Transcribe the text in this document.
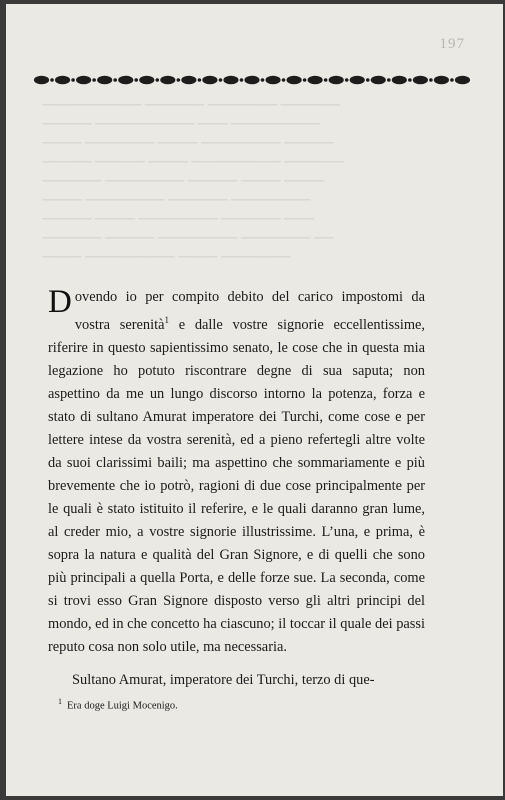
197
────────── ────── ─────── ──────
───── ────────── ─── ─────────
──── ─────── ──── ──────── ─────
───── ───── ──── ───────── ──────
────── ──────── ───── ──── ────
──── ──────── ────── ────────
───── ──── ──────── ────── ───
────── ───── ──────── ─────── ──
──── ───────── ──── ───────

Dovendo io per compito debito del carico impostomi da vostra serenità$^1$ e dalle vostre signorie eccellentissime, riferire in questo sapientissimo senato, le cose che in questa mia legazione ho potuto riscontrare degne di sua saputa; non aspettino da me un lungo discorso intorno la potenza, forza e stato di sultano Amurat imperatore dei Turchi, come cose e per lettere intese da vostra serenità, ed a pieno refertegli altre volte da suoi clarissimi baili; ma aspettino che sommariamente e più brevemente che io potrò, ragioni di due cose principalmente per le quali è stato istituito il referire, e le quali daranno gran lume, al creder mio, a vostre signorie illustrissime. L’una, e prima, è sopra la natura e qualità del Gran Signore, e di quelli che sono più principali a quella Porta, e delle forze sue. La seconda, come si trovi esso Gran Signore disposto verso gli altri principi del mondo, ed in che concetto ha ciascuno; il toccar il quale dei passi reputo cosa non solo utile, ma necessaria.

Sultano Amurat, imperatore dei Turchi, terzo di que-

$^1$ Era doge Luigi Mocenigo.
